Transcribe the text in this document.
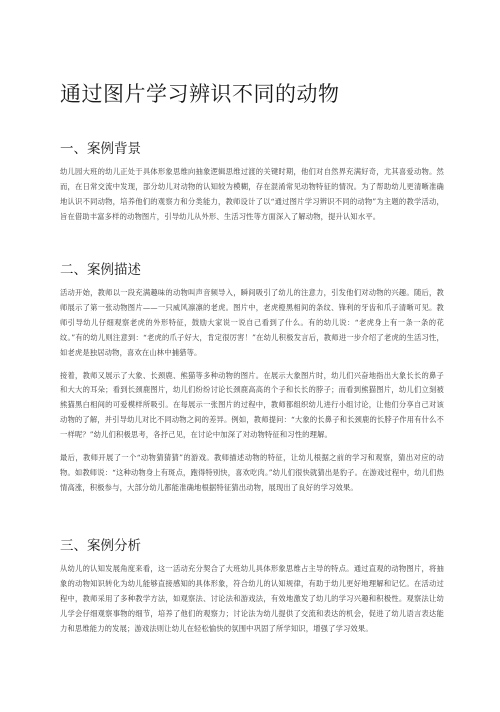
通过图片学习辨识不同的动物
一、案例背景

幼儿园大班的幼儿正处于具体形象思维向抽象逻辑思维过渡的关键时期，他们对自然界充满好奇，尤其喜爱动物。然而，在日常交流中发现，部分幼儿对动物的认知较为模糊，存在混淆常见动物特征的情况。为了帮助幼儿更清晰准确地认识不同动物，培养他们的观察力和分类能力，教师设计了以“通过图片学习辨识不同的动物”为主题的教学活动，旨在借助丰富多样的动物图片，引导幼儿从外形、生活习性等方面深入了解动物，提升认知水平。

二、案例描述

活动开始，教师以一段充满趣味的动物叫声音频导入，瞬间吸引了幼儿的注意力，引发他们对动物的兴趣。随后，教师展示了第一张动物图片——一只威风凛凛的老虎。图片中，老虎橙黑相间的条纹、锋利的牙齿和爪子清晰可见。教师引导幼儿仔细观察老虎的外形特征，鼓励大家说一说自己看到了什么。有的幼儿说：“老虎身上有一条一条的花纹。”有的幼儿则注意到：“老虎的爪子好大，肯定很厉害！”在幼儿积极发言后，教师进一步介绍了老虎的生活习性，如老虎是独居动物，喜欢在山林中捕猎等。

接着，教师又展示了大象、长颈鹿、熊猫等多种动物的图片。在展示大象图片时，幼儿们兴奋地指出大象长长的鼻子和大大的耳朵；看到长颈鹿图片，幼儿们纷纷讨论长颈鹿高高的个子和长长的脖子；而看到熊猫图片，幼儿们立刻被熊猫黑白相间的可爱模样所吸引。在每展示一张图片的过程中，教师都组织幼儿进行小组讨论，让他们分享自己对该动物的了解，并引导幼儿对比不同动物之间的差异。例如，教师提问：“大象的长鼻子和长颈鹿的长脖子作用有什么不一样呢？”幼儿们积极思考，各抒己见，在讨论中加深了对动物特征和习性的理解。

最后，教师开展了一个“动物猜猜猜”的游戏。教师描述动物的特征，让幼儿根据之前的学习和观察，猜出对应的动物。如教师说：“这种动物身上有斑点，跑得特别快，喜欢吃肉。”幼儿们很快就猜出是豹子。在游戏过程中，幼儿们热情高涨，积极参与，大部分幼儿都能准确地根据特征猜出动物，展现出了良好的学习效果。

三、案例分析

从幼儿的认知发展角度来看，这一活动充分契合了大班幼儿具体形象思维占主导的特点。通过直观的动物图片，将抽象的动物知识转化为幼儿能够直接感知的具体形象，符合幼儿的认知规律，有助于幼儿更好地理解和记忆。在活动过程中，教师采用了多种教学方法，如观察法、讨论法和游戏法，有效地激发了幼儿的学习兴趣和积极性。观察法让幼儿学会仔细观察事物的细节，培养了他们的观察力；讨论法为幼儿提供了交流和表达的机会，促进了幼儿语言表达能力和思维能力的发展；游戏法则让幼儿在轻松愉快的氛围中巩固了所学知识，增强了学习效果。
